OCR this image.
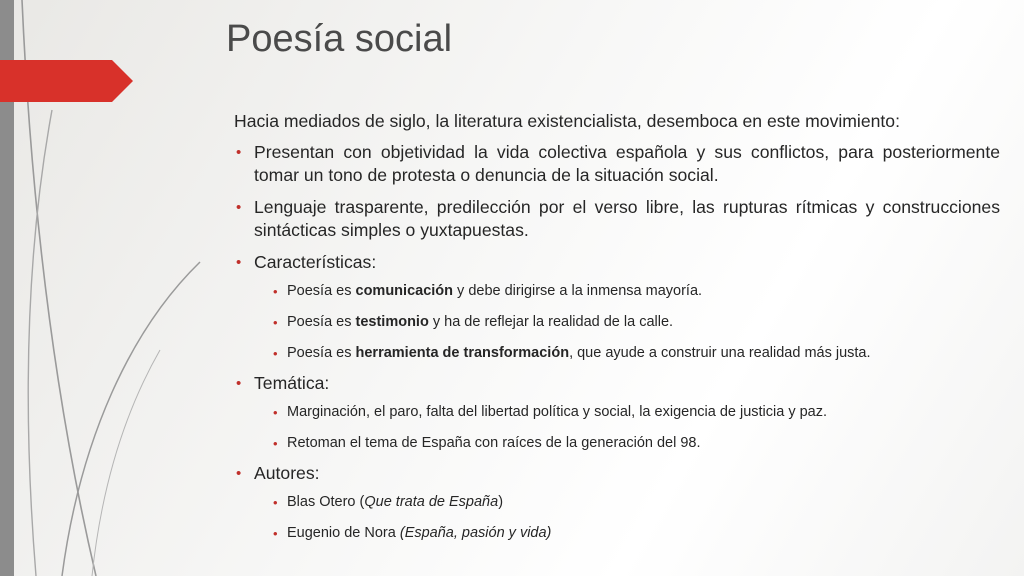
Poesía social

Hacia mediados de siglo, la literatura existencialista, desemboca en este movimiento:

• Presentan con objetividad la vida colectiva española y sus conflictos, para posteriormente tomar un tono de protesta o denuncia de la situación social.
• Lenguaje trasparente, predilección por el verso libre, las rupturas rítmicas y construcciones sintácticas simples o yuxtapuestas.
• Características:
• Poesía es comunicación y debe dirigirse a la inmensa mayoría.
• Poesía es testimonio y ha de reflejar la realidad de la calle.
• Poesía es herramienta de transformación, que ayude a construir una realidad más justa.
• Temática:
• Marginación, el paro, falta del libertad política y social, la exigencia de justicia y paz.
• Retoman el tema de España con raíces de la generación del 98.
• Autores:
• Blas Otero (Que trata de España)
• Eugenio de Nora (España, pasión y vida)
